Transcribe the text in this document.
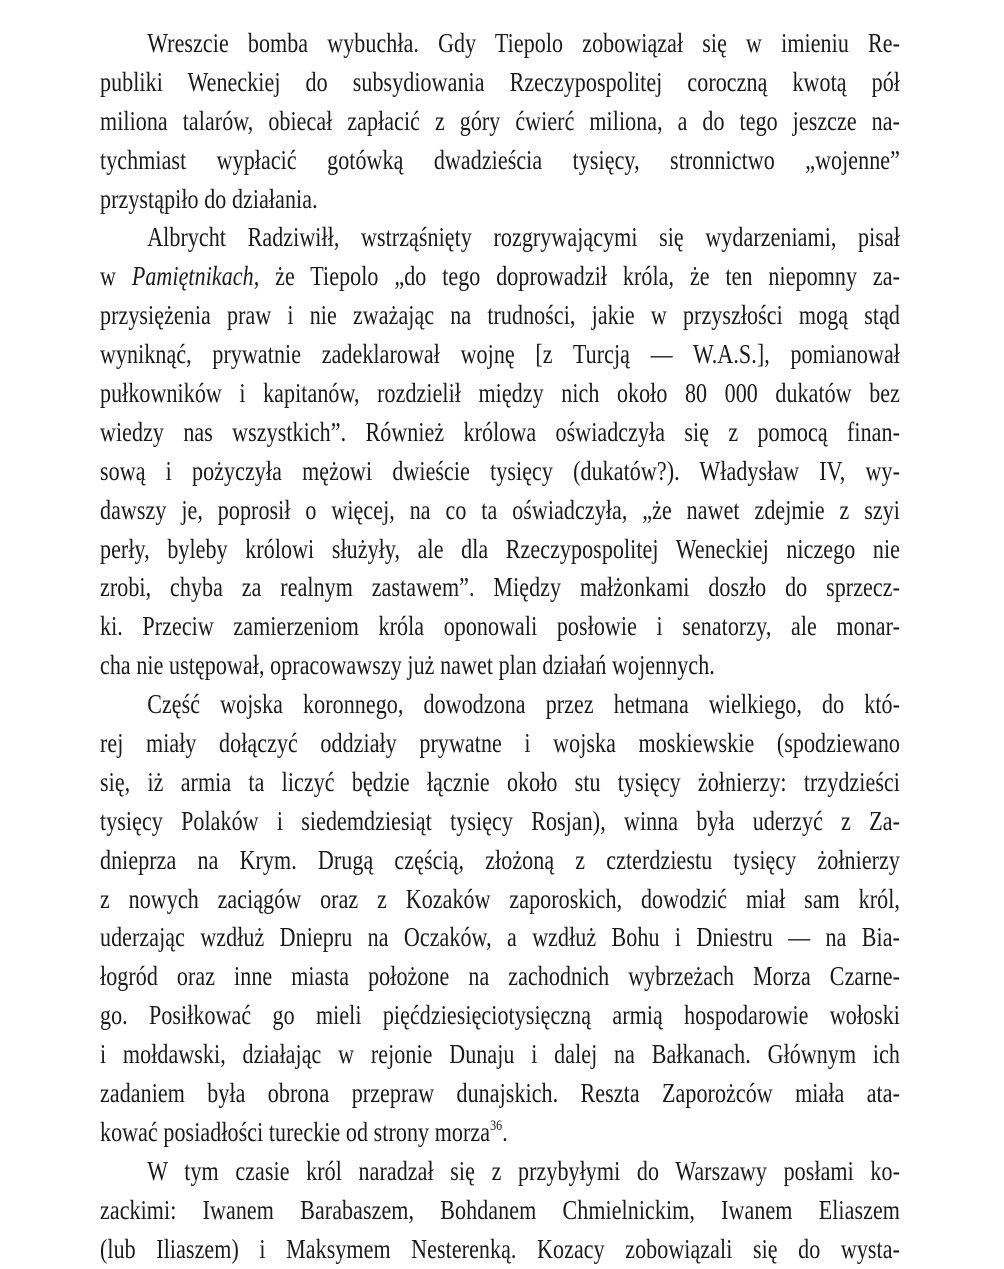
Wreszcie bomba wybuchła. Gdy Tiepolo zobowiązał się w imieniu Re-
publiki Weneckiej do subsydiowania Rzeczypospolitej coroczną kwotą pół
miliona talarów, obiecał zapłacić z góry ćwierć miliona, a do tego jeszcze na-
tychmiast wypłacić gotówką dwadzieścia tysięcy, stronnictwo „wojenne”
przystąpiło do działania.
Albrycht Radziwiłł, wstrząśnięty rozgrywającymi się wydarzeniami, pisał
w Pamiętnikach, że Tiepolo „do tego doprowadził króla, że ten niepomny za-
przysiężenia praw i nie zważając na trudności, jakie w przyszłości mogą stąd
wyniknąć, prywatnie zadeklarował wojnę [z Turcją — W.A.S.], pomianował
pułkowników i kapitanów, rozdzielił między nich około 80 000 dukatów bez
wiedzy nas wszystkich”. Również królowa oświadczyła się z pomocą finan-
sową i pożyczyła mężowi dwieście tysięcy (dukatów?). Władysław IV, wy-
dawszy je, poprosił o więcej, na co ta oświadczyła, „że nawet zdejmie z szyi
perły, byleby królowi służyły, ale dla Rzeczypospolitej Weneckiej niczego nie
zrobi, chyba za realnym zastawem”. Między małżonkami doszło do sprzecz-
ki. Przeciw zamierzeniom króla oponowali posłowie i senatorzy, ale monar-
cha nie ustępował, opracowawszy już nawet plan działań wojennych.
Część wojska koronnego, dowodzona przez hetmana wielkiego, do któ-
rej miały dołączyć oddziały prywatne i wojska moskiewskie (spodziewano
się, iż armia ta liczyć będzie łącznie około stu tysięcy żołnierzy: trzydzieści
tysięcy Polaków i siedemdziesiąt tysięcy Rosjan), winna była uderzyć z Za-
dnieprza na Krym. Drugą częścią, złożoną z czterdziestu tysięcy żołnierzy
z nowych zaciągów oraz z Kozaków zaporoskich, dowodzić miał sam król,
uderzając wzdłuż Dniepru na Oczaków, a wzdłuż Bohu i Dniestru — na Bia-
łogród oraz inne miasta położone na zachodnich wybrzeżach Morza Czarne-
go. Posiłkować go mieli pięćdziesięciotysięczną armią hospodarowie wołoski
i mołdawski, działając w rejonie Dunaju i dalej na Bałkanach. Głównym ich
zadaniem była obrona przepraw dunajskich. Reszta Zaporożców miała ata-
kować posiadłości tureckie od strony morza$^{36}$.
W tym czasie król naradzał się z przybyłymi do Warszawy posłami ko-
zackimi: Iwanem Barabaszem, Bohdanem Chmielnickim, Iwanem Eliaszem
(lub Iliaszem) i Maksymem Nesterenką. Kozacy zobowiązali się do wysta-
